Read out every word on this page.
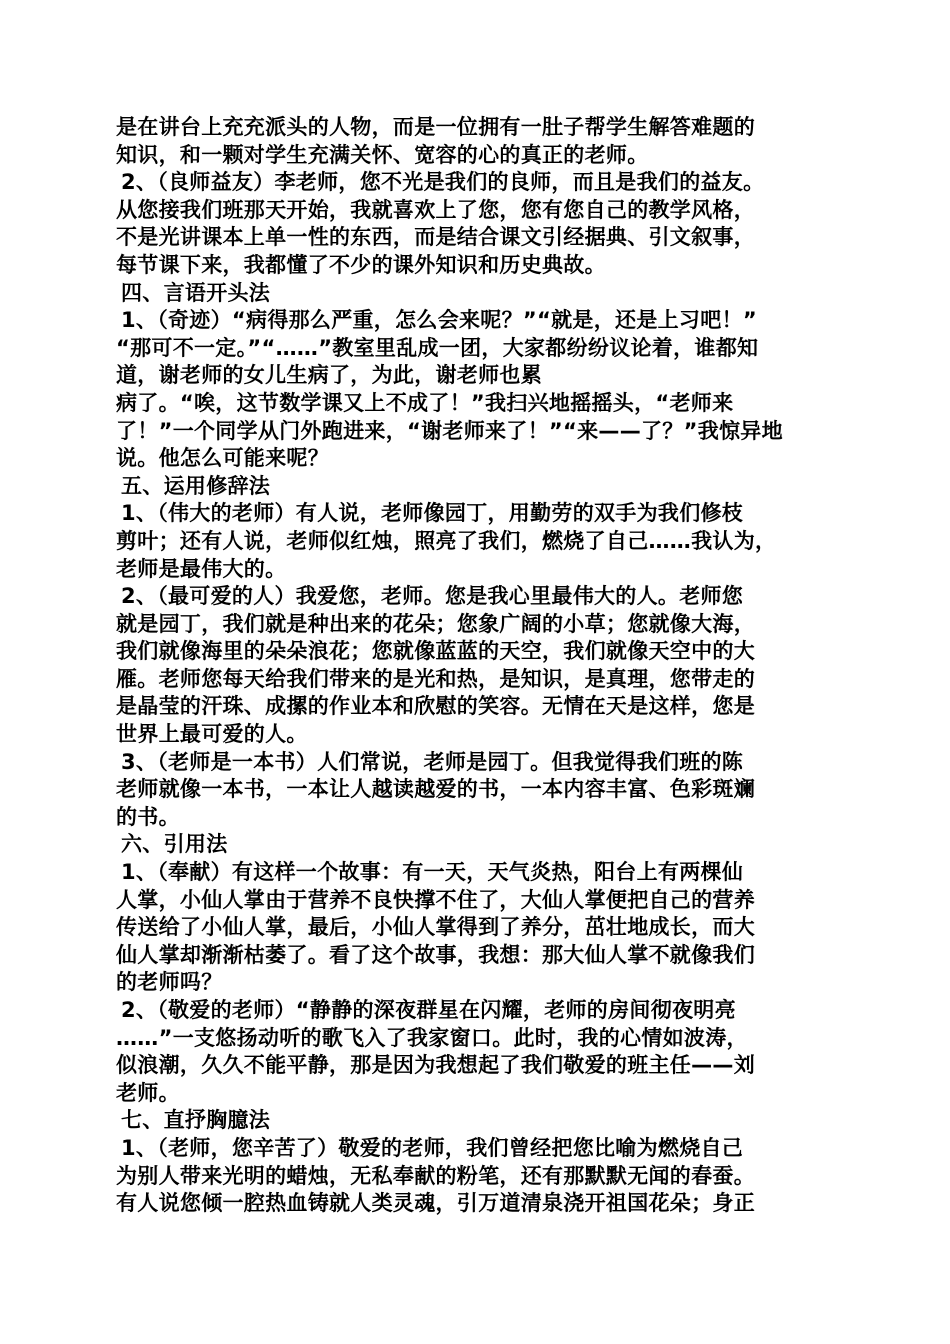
是在讲台上充充派头的人物，而是一位拥有一肚子帮学生解答难题的
知识，和一颗对学生充满关怀、宽容的心的真正的老师。
2、（良师益友）李老师，您不光是我们的良师，而且是我们的益友。
从您接我们班那天开始，我就喜欢上了您，您有您自己的教学风格，
不是光讲课本上单一性的东西，而是结合课文引经据典、引文叙事，
每节课下来，我都懂了不少的课外知识和历史典故。
四、言语开头法
1、（奇迹）“病得那么严重，怎么会来呢？”“就是，还是上习吧！”
“那可不一定。”“……”教室里乱成一团，大家都纷纷议论着，谁都知
道，谢老师的女儿生病了，为此，谢老师也累
病了。“唉，这节数学课又上不成了！”我扫兴地摇摇头，“老师来
了！”一个同学从门外跑进来，“谢老师来了！”“来——了？”我惊异地
说。他怎么可能来呢？
五、运用修辞法
1、（伟大的老师）有人说，老师像园丁，用勤劳的双手为我们修枝
剪叶；还有人说，老师似红烛，照亮了我们，燃烧了自己……我认为，
老师是最伟大的。
2、（最可爱的人）我爱您，老师。您是我心里最伟大的人。老师您
就是园丁，我们就是种出来的花朵；您象广阔的小草；您就像大海，
我们就像海里的朵朵浪花；您就像蓝蓝的天空，我们就像天空中的大
雁。老师您每天给我们带来的是光和热，是知识，是真理，您带走的
是晶莹的汗珠、成摞的作业本和欣慰的笑容。无情在天是这样，您是
世界上最可爱的人。
3、（老师是一本书）人们常说，老师是园丁。但我觉得我们班的陈
老师就像一本书，一本让人越读越爱的书，一本内容丰富、色彩斑斓
的书。
六、引用法
1、（奉献）有这样一个故事：有一天，天气炎热，阳台上有两棵仙
人掌，小仙人掌由于营养不良快撑不住了，大仙人掌便把自己的营养
传送给了小仙人掌，最后，小仙人掌得到了养分，茁壮地成长，而大
仙人掌却渐渐枯萎了。看了这个故事，我想：那大仙人掌不就像我们
的老师吗？
2、（敬爱的老师）“静静的深夜群星在闪耀，老师的房间彻夜明亮
……”一支悠扬动听的歌飞入了我家窗口。此时，我的心情如波涛，
似浪潮，久久不能平静，那是因为我想起了我们敬爱的班主任——刘
老师。
七、直抒胸臆法
1、（老师，您辛苦了）敬爱的老师，我们曾经把您比喻为燃烧自己
为别人带来光明的蜡烛，无私奉献的粉笔，还有那默默无闻的春蚕。
有人说您倾一腔热血铸就人类灵魂，引万道清泉浇开祖国花朵；身正
